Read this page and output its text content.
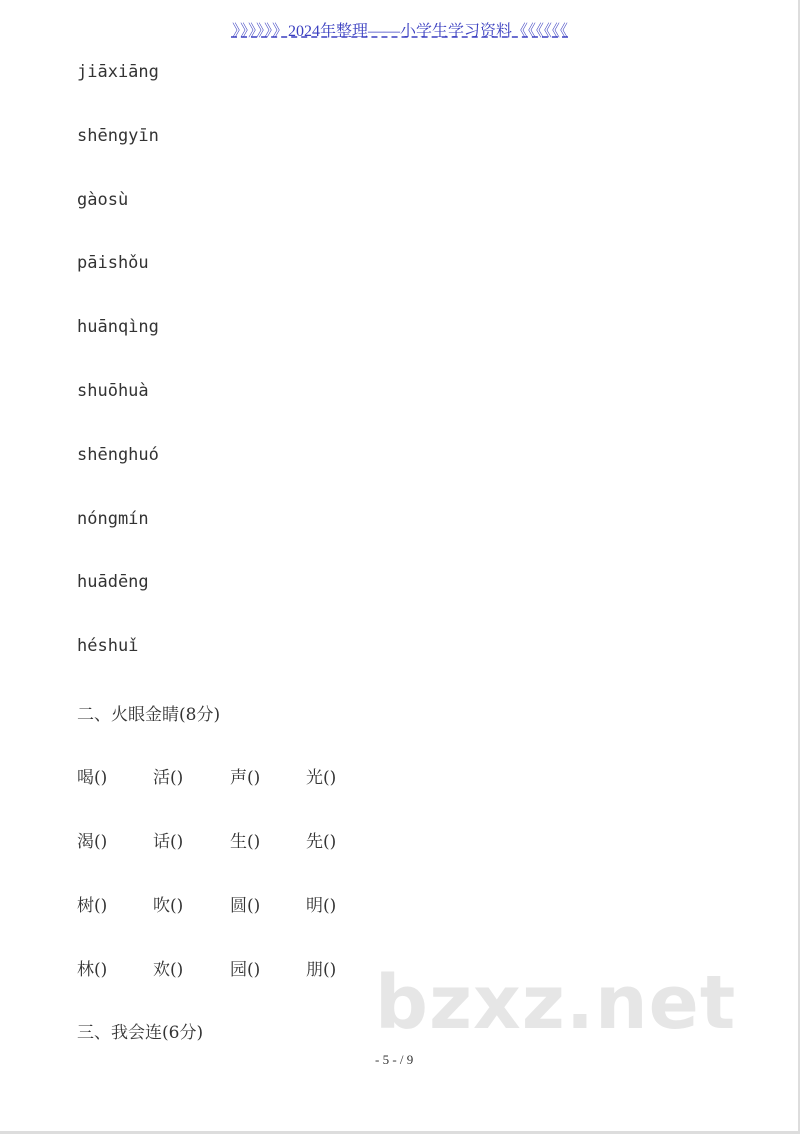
》》》》》》2024年整理——小学生学习资料《《《《《《
jiāxiāng
shēngyīn
gàosù
pāishǒu
huānqìng
shuōhuà
shēnghuó
nóngmín
huādēng
héshuǐ
二、火眼金睛(8分)
喝()	活()	声()	光()
渴()	话()	生()	先()
树()	吹()	圆()	明()
林()	欢()	园()	朋()
三、我会连(6分) bzxz.net
- 5 - / 9
